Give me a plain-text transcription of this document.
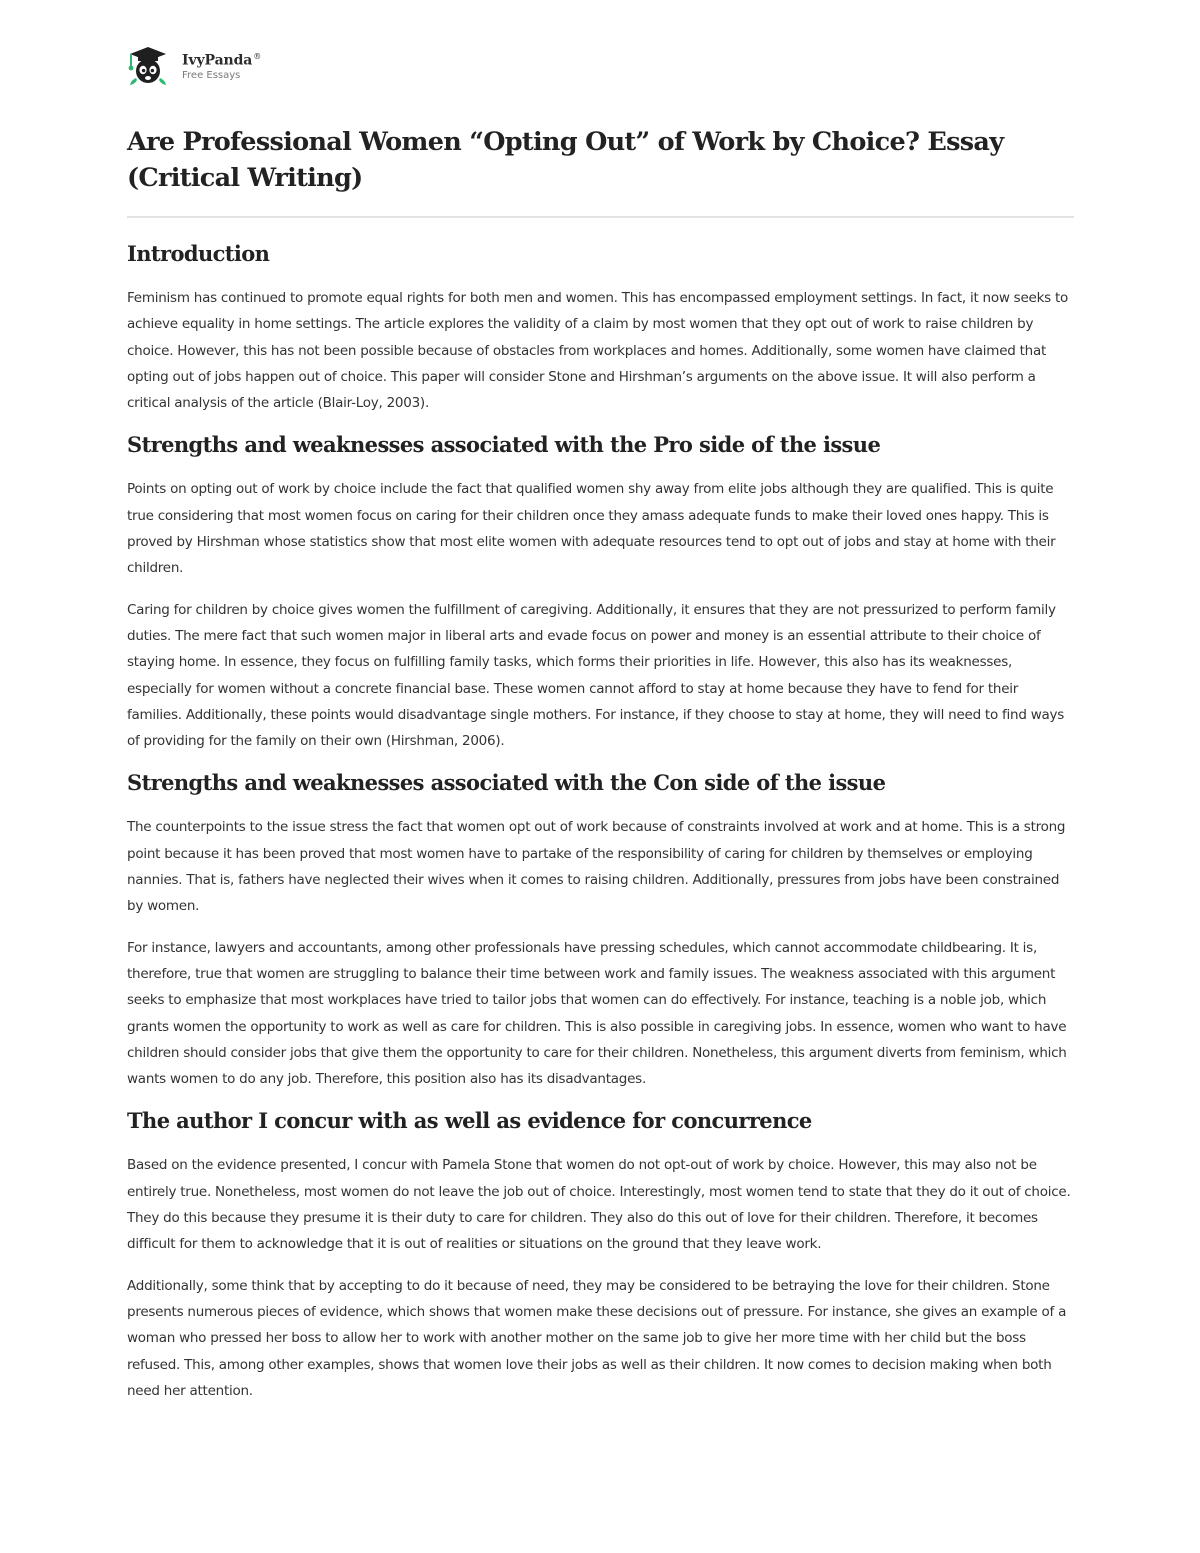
IvyPanda®
Free Essays
Are Professional Women “Opting Out” of Work by Choice? Essay (Critical Writing)
Introduction

Feminism has continued to promote equal rights for both men and women. This has encompassed employment settings. In fact, it now seeks to achieve equality in home settings. The article explores the validity of a claim by most women that they opt out of work to raise children by choice. However, this has not been possible because of obstacles from workplaces and homes. Additionally, some women have claimed that opting out of jobs happen out of choice. This paper will consider Stone and Hirshman’s arguments on the above issue. It will also perform a critical analysis of the article (Blair-Loy, 2003).

Strengths and weaknesses associated with the Pro side of the issue

Points on opting out of work by choice include the fact that qualified women shy away from elite jobs although they are qualified. This is quite true considering that most women focus on caring for their children once they amass adequate funds to make their loved ones happy. This is proved by Hirshman whose statistics show that most elite women with adequate resources tend to opt out of jobs and stay at home with their children.

Caring for children by choice gives women the fulfillment of caregiving. Additionally, it ensures that they are not pressurized to perform family duties. The mere fact that such women major in liberal arts and evade focus on power and money is an essential attribute to their choice of staying home. In essence, they focus on fulfilling family tasks, which forms their priorities in life. However, this also has its weaknesses, especially for women without a concrete financial base. These women cannot afford to stay at home because they have to fend for their families. Additionally, these points would disadvantage single mothers. For instance, if they choose to stay at home, they will need to find ways of providing for the family on their own (Hirshman, 2006).

Strengths and weaknesses associated with the Con side of the issue

The counterpoints to the issue stress the fact that women opt out of work because of constraints involved at work and at home. This is a strong point because it has been proved that most women have to partake of the responsibility of caring for children by themselves or employing nannies. That is, fathers have neglected their wives when it comes to raising children. Additionally, pressures from jobs have been constrained by women.

For instance, lawyers and accountants, among other professionals have pressing schedules, which cannot accommodate childbearing. It is, therefore, true that women are struggling to balance their time between work and family issues. The weakness associated with this argument seeks to emphasize that most workplaces have tried to tailor jobs that women can do effectively. For instance, teaching is a noble job, which grants women the opportunity to work as well as care for children. This is also possible in caregiving jobs. In essence, women who want to have children should consider jobs that give them the opportunity to care for their children. Nonetheless, this argument diverts from feminism, which wants women to do any job. Therefore, this position also has its disadvantages.

The author I concur with as well as evidence for concurrence

Based on the evidence presented, I concur with Pamela Stone that women do not opt-out of work by choice. However, this may also not be entirely true. Nonetheless, most women do not leave the job out of choice. Interestingly, most women tend to state that they do it out of choice. They do this because they presume it is their duty to care for children. They also do this out of love for their children. Therefore, it becomes difficult for them to acknowledge that it is out of realities or situations on the ground that they leave work.

Additionally, some think that by accepting to do it because of need, they may be considered to be betraying the love for their children. Stone presents numerous pieces of evidence, which shows that women make these decisions out of pressure. For instance, she gives an example of a woman who pressed her boss to allow her to work with another mother on the same job to give her more time with her child but the boss refused. This, among other examples, shows that women love their jobs as well as their children. It now comes to decision making when both need her attention.
